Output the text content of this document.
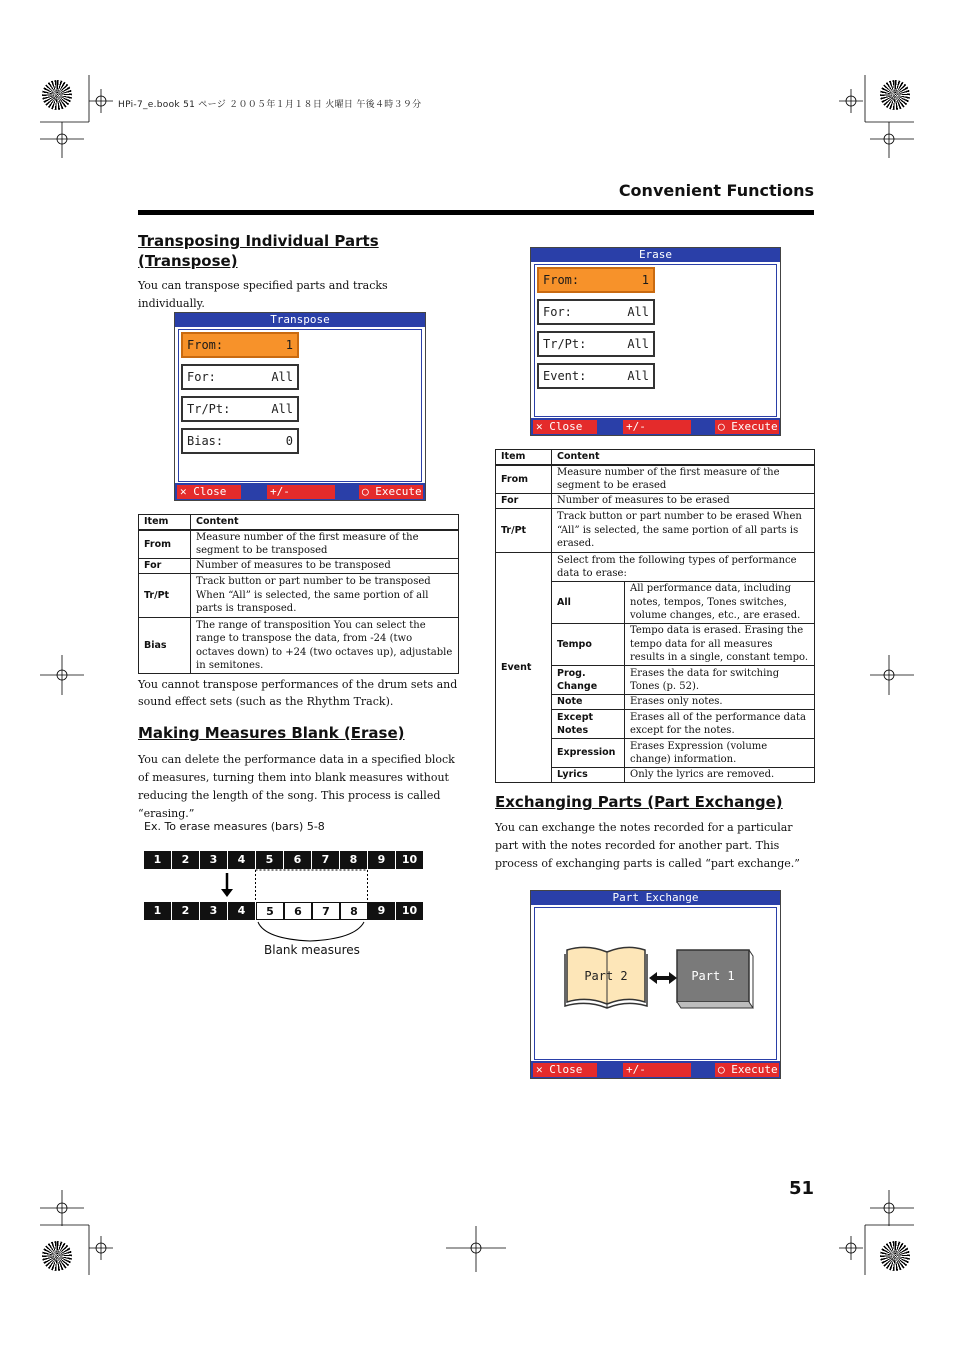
HPi-7_e.book 51 ページ ２００５年１月１８日 火曜日 午後４時３９分
Convenient Functions
Transposing Individual Parts
(Transpose)
You can transpose specified parts and tracks individually.
Transpose
From:	1
For:	All
Tr/Pt:	All
Bias:	0
✕ Close	+/- Change
◯ Execute
Item	Content
From	Measure number of the first measure of the segment to be transposed
For	Number of measures to be transposed
Tr/Pt	Track button or part number to be transposed When “All” is selected, the same portion of all parts is transposed.
Bias	The range of transposition You can select the range to transpose the data, from -24 (two octaves down) to +24 (two octaves up), adjustable in semitones.
You cannot transpose performances of the drum sets and sound effect sets (such as the Rhythm Track).
Making Measures Blank (Erase)
You can delete the performance data in a specified block of measures, turning them into blank measures without reducing the length of the song. This process is called “erasing.”
Ex. To erase measures (bars) 5-8
1	2	3	4	5	6	7	8	9	10
1	2	3	4	5	6	7	8	9	10
Blank measures
Erase
From:	1
For:	All
Tr/Pt:	All
Event:	All
✕ Close	+/- Change
◯ Execute
Item	Content	
From	Measure number of the first measure of the segment to be erased	
For	Number of measures to be erased	
Tr/Pt	Track button or part number to be erased When “All” is selected, the same portion of all parts is erased.	
Event	Select from the following types of performance data to erase:	
	All	All performance data, including notes, tempos, Tones switches, volume changes, etc., are erased.
	Tempo	Tempo data is erased. Erasing the tempo data for all measures results in a single, constant tempo.
	Prog. Change	Erases the data for switching Tones (p. 52).
	Note	Erases only notes.
	Except Notes	Erases all of the performance data except for the notes.
	Expression	Erases Expression (volume change) information.
	Lyrics	Only the lyrics are removed.
Exchanging Parts (Part Exchange)
You can exchange the notes recorded for a particular part with the notes recorded for another part. This process of exchanging parts is called “part exchange.”
Part Exchange
Part 2	Part 1
✕ Close	+/- Change
◯ Execute
51
